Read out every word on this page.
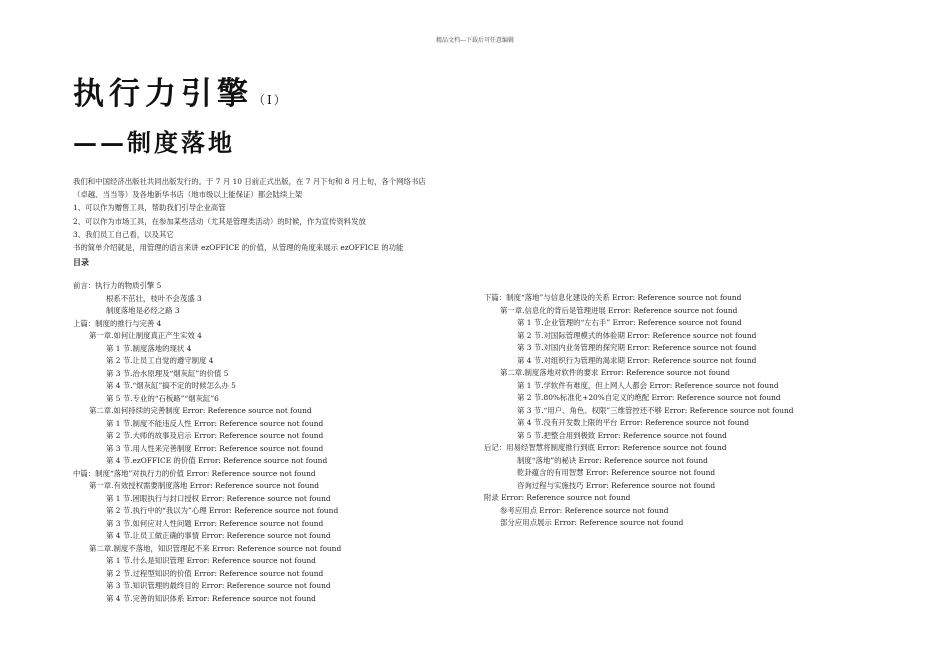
精品文档---下载后可任意编辑
执行力引擎（I）
——制度落地

我们和中国经济出版社共同出版发行的。于 7 月 10 日前正式出版，在 7 月下旬和 8 月上旬，各个网络书店

（卓越、当当等）及各地新华书店（地市级以上能保证）都会陆续上架

1、可以作为赠售工具，帮助我们引导企业高管

2、可以作为市场工具，在参加某些活动（尤其是管理类活动）的时候，作为宣传资料发放

3、我们员工自己看，以及其它

书的简单介绍就是，用管理的语言来讲 ezOFFICE 的价值，从管理的角度来展示 ezOFFICE 的功能

目录
前言：执行力的物质引擎 5
根系不茁壮，枝叶不会茂盛 3
制度落地是必经之路 3
上篇：制度的推行与完善 4
第一章.如何让制度真正产生实效 4
第 1 节.制度落地的现状 4
第 2 节.让员工自觉的遵守制度 4
第 3 节.治水原理及“烟灰缸”的价值 5
第 4 节.“烟灰缸”搞不定的时候怎么办 5
第 5 节.专业的“石板路”“烟灰缸”6
第二章.如何持续的完善制度 Error: Reference source not found
第 1 节.制度不能违反人性 Error: Reference source not found
第 2 节.大师的故事及启示 Error: Reference source not found
第 3 节.用人性来完善制度 Error: Reference source not found
第 4 节.ezOFFICE 的价值 Error: Reference source not found
中篇：制度“落地”对执行力的价值 Error: Reference source not found
第一章.有效授权需要制度落地 Error: Reference source not found
第 1 节.困眼执行与封口授权 Error: Reference source not found
第 2 节.执行中的“我以为”心理 Error: Reference source not found
第 3 节.如何应对人性问题 Error: Reference source not found
第 4 节.让员工做正确的事情 Error: Reference source not found
第二章.制度不落地，知识管理起不来 Error: Reference source not found
第 1 节.什么是知识管理 Error: Reference source not found
第 2 节.过程型知识的价值 Error: Reference source not found
第 3 节.知识管理的最终目的 Error: Reference source not found
第 4 节.完善的知识体系 Error: Reference source not found
下篇：制度“落地”与信息化建设的关系 Error: Reference source not found
第一章.信息化的背后是管理进展 Error: Reference source not found
第 1 节.企业管理的“左右手” Error: Reference source not found
第 2 节.对国际管理模式的体验期 Error: Reference source not found
第 3 节.对国内业务管理的探究期 Error: Reference source not found
第 4 节.对组织行为管理的渴求期 Error: Reference source not found
第二章.制度落地对软件的要求 Error: Reference source not found
第 1 节.学软件有难度，但上网人人都会 Error: Reference source not found
第 2 节.80%标准化+20%自定义的绝配 Error: Reference source not found
第 3 节.“用户、角色、权限”三维管控还不够 Error: Reference source not found
第 4 节.没有开发数上限的平台 Error: Reference source not found
第 5 节.把整合用到极致 Error: Reference source not found
后记：用易经智慧将制度推行到底 Error: Reference source not found
制度“落地”的秘诀 Error: Reference source not found
乾卦蕴含的有用智慧 Error: Reference source not found
咨询过程与实施技巧 Error: Reference source not found
附录 Error: Reference source not found
参考应用点 Error: Reference source not found
部分应用点展示 Error: Reference source not found
